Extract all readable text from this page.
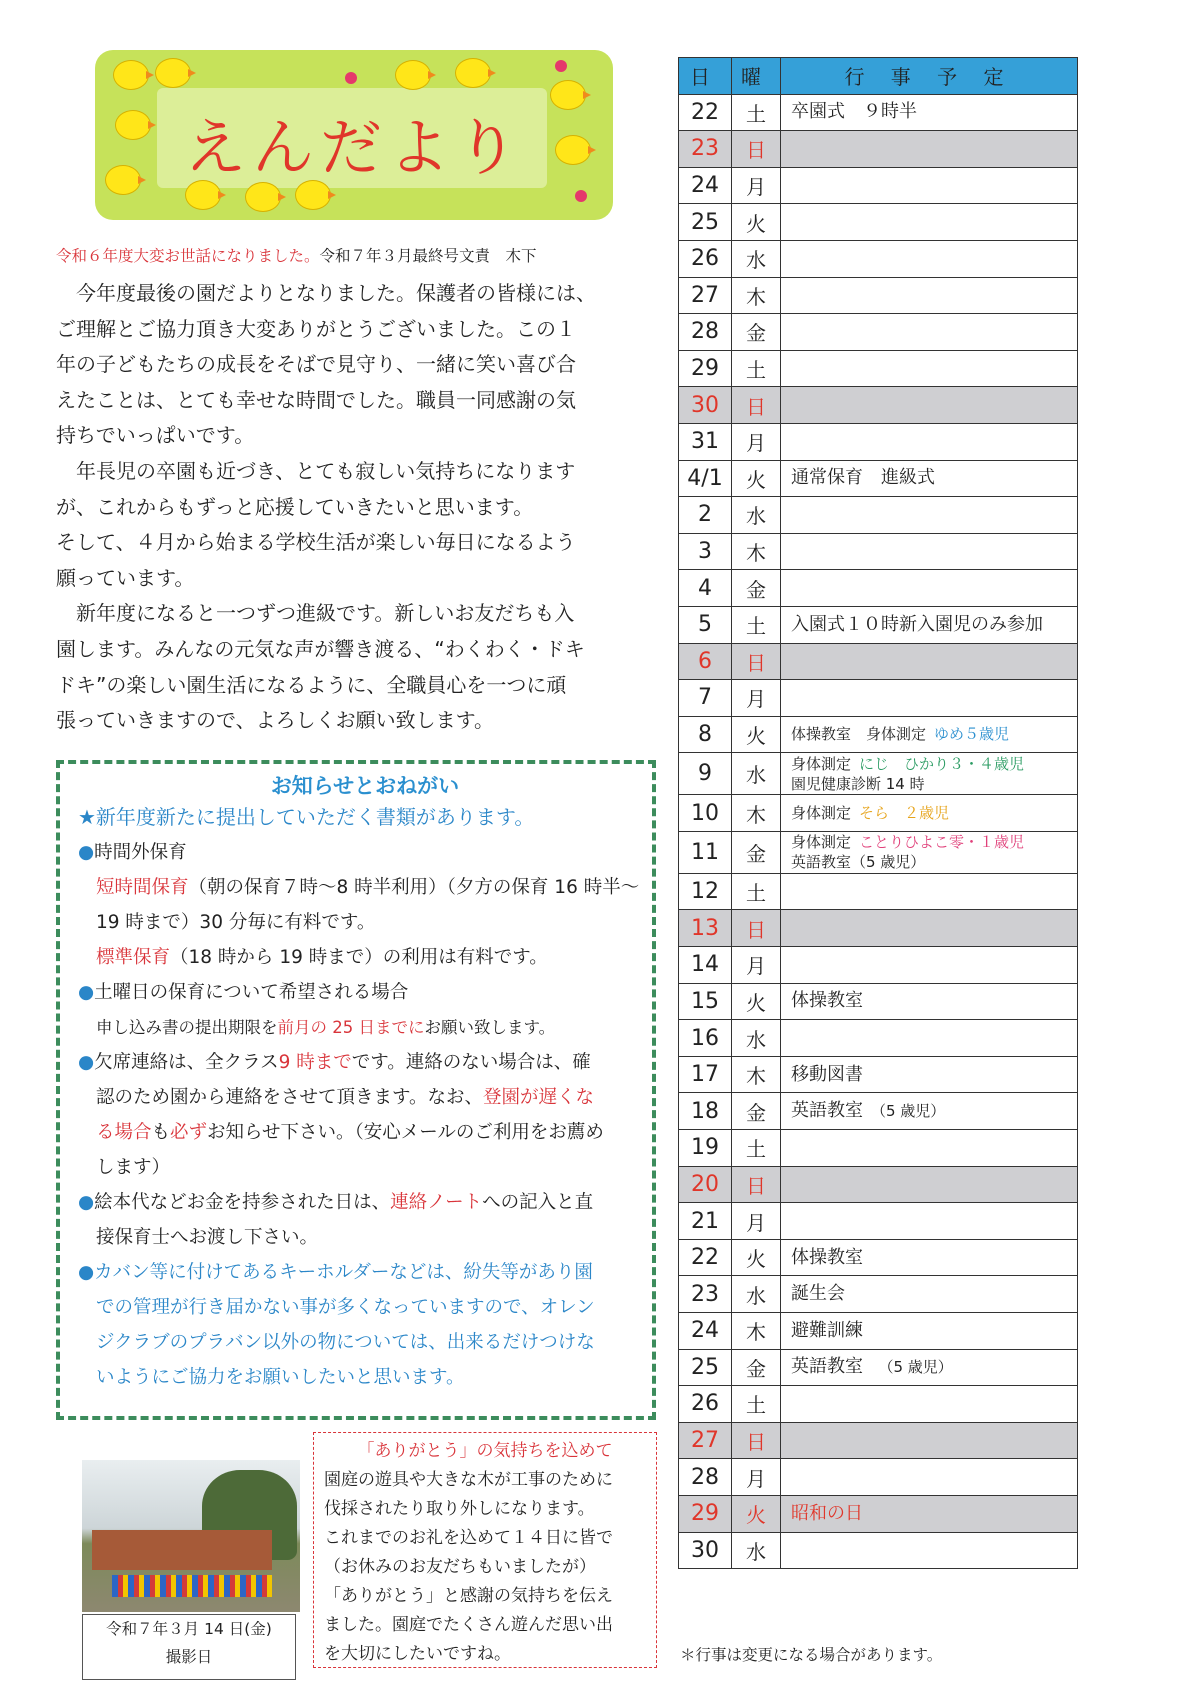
えんだより
令和６年度大変お世話になりました。令和７年３月最終号文責　木下

　今年度最後の園だよりとなりました。保護者の皆様には、

ご理解とご協力頂き大変ありがとうございました。この１

年の子どもたちの成長をそばで見守り、一緒に笑い喜び合

えたことは、とても幸せな時間でした。職員一同感謝の気

持ちでいっぱいです。

　年長児の卒園も近づき、とても寂しい気持ちになります

が、これからもずっと応援していきたいと思います。

そして、４月から始まる学校生活が楽しい毎日になるよう

願っています。

　新年度になると一つずつ進級です。新しいお友だちも入

園します。みんなの元気な声が響き渡る、“わくわく・ドキ

ドキ”の楽しい園生活になるように、全職員心を一つに頑

張っていきますので、よろしくお願い致します。

お知らせとおねがい
★新年度新たに提出していただく書類があります。
●時間外保育
短時間保育（朝の保育７時～8 時半利用）（夕方の保育 16 時半～
19 時まで）30 分毎に有料です。
標準保育（18 時から 19 時まで）の利用は有料です。
●土曜日の保育について希望される場合
申し込み書の提出期限を前月の 25 日までにお願い致します。
●欠席連絡は、全クラス9 時までです。連絡のない場合は、確
認のため園から連絡をさせて頂きます。なお、登園が遅くな
る場合も必ずお知らせ下さい。（安心メールのご利用をお薦め
します）
●絵本代などお金を持参された日は、連絡ノートへの記入と直
接保育士へお渡し下さい。
●カバン等に付けてあるキーホルダーなどは、紛失等があり園
での管理が行き届かない事が多くなっていますので、オレン
ジクラブのプラバン以外の物については、出来るだけつけな
いようにご協力をお願いしたいと思います。
令和７年３月 14 日(金)
撮影日
「ありがとう」の気持ちを込めて
園庭の遊具や大きな木が工事のために
伐採されたり取り外しになります。
これまでのお礼を込めて１４日に皆で
（お休みのお友だちもいましたが）
「ありがとう」と感謝の気持ちを伝え
ました。園庭でたくさん遊んだ思い出
を大切にしたいですね。
日	曜	行 事 予 定
22	土	卒園式　９時半
23	日	
24	月	
25	火	
26	水	
27	木	
28	金	
29	土	
30	日	
31	月	
4/1	火	通常保育　進級式
2	水	
3	木	
4	金	
5	土	入園式１０時新入園児のみ参加
6	日	
7	月	
8	火	体操教室　身体測定 ゆめ５歳児
9	水	身体測定 にじ　ひかり３・４歳児
園児健康診断 14 時
10	木	身体測定 そら　２歳児
11	金	身体測定 ことりひよこ零・１歳児
英語教室（5 歳児）
12	土	
13	日	
14	月	
15	火	体操教室
16	水	
17	木	移動図書
18	金	英語教室 （5 歳児）
19	土	
20	日	
21	月	
22	火	体操教室
23	水	誕生会
24	木	避難訓練
25	金	英語教室　（5 歳児）
26	土	
27	日	
28	月	
29	火	昭和の日
30	水	
＊行事は変更になる場合があります。
